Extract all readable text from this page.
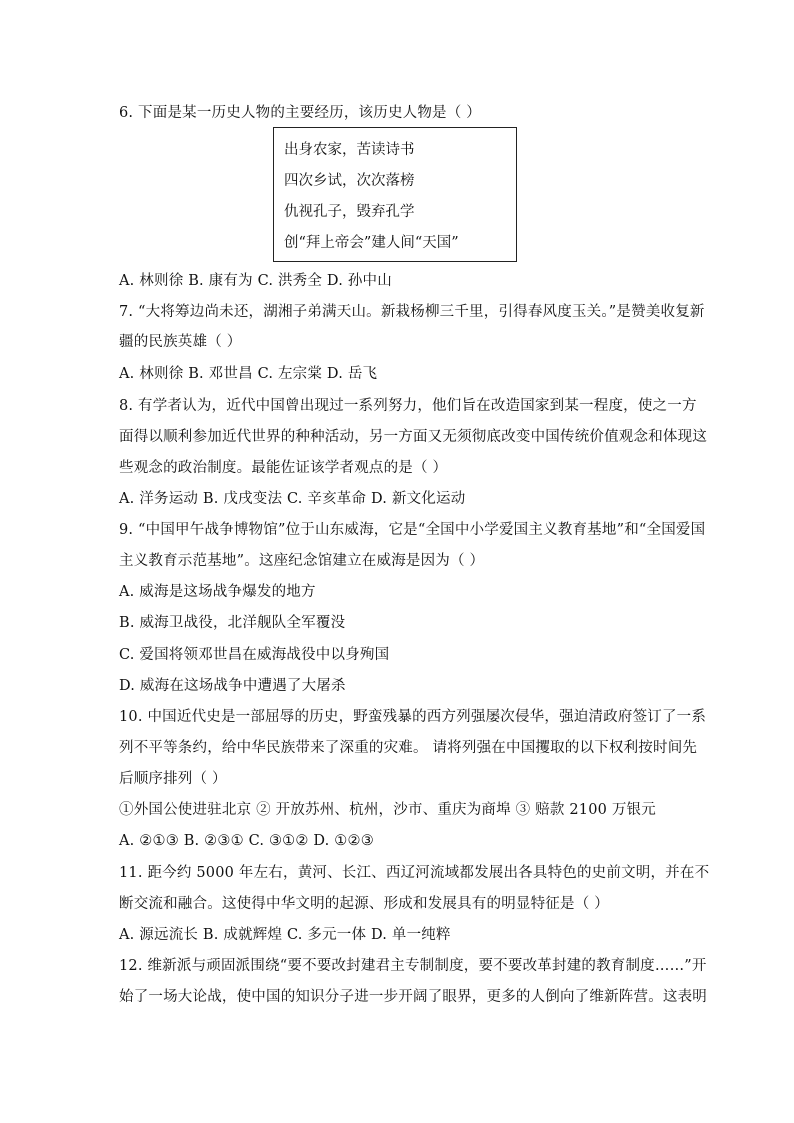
6. 下面是某一历史人物的主要经历，该历史人物是（ ）
出身农家，苦读诗书
四次乡试，次次落榜
仇视孔子，毁弃孔学
创“拜上帝会”建人间“天国”
A. 林则徐 B. 康有为 C. 洪秀全 D. 孙中山
7. “大将筹边尚未还，湖湘子弟满天山。新栽杨柳三千里，引得春风度玉关。”是赞美收复新
疆的民族英雄（ ）
A. 林则徐 B. 邓世昌 C. 左宗棠 D. 岳飞
8. 有学者认为，近代中国曾出现过一系列努力，他们旨在改造国家到某一程度，使之一方
面得以顺利参加近代世界的种种活动，另一方面又无须彻底改变中国传统价值观念和体现这
些观念的政治制度。最能佐证该学者观点的是（ ）
A. 洋务运动 B. 戊戌变法 C. 辛亥革命 D. 新文化运动
9. “中国甲午战争博物馆”位于山东威海，它是“全国中小学爱国主义教育基地”和“全国爱国
主义教育示范基地”。这座纪念馆建立在威海是因为（ ）
A. 威海是这场战争爆发的地方
B. 威海卫战役，北洋舰队全军覆没
C. 爱国将领邓世昌在威海战役中以身殉国
D. 威海在这场战争中遭遇了大屠杀
10. 中国近代史是一部屈辱的历史，野蛮残暴的西方列强屡次侵华，强迫清政府签订了一系
列不平等条约，给中华民族带来了深重的灾难。 请将列强在中国攫取的以下权利按时间先
后顺序排列（ ）
①外国公使进驻北京 ② 开放苏州、杭州，沙市、重庆为商埠 ③ 赔款 2100 万银元
A. ②①③ B. ②③① C. ③①② D. ①②③
11. 距今约 5000 年左右，黄河、长江、西辽河流域都发展出各具特色的史前文明，并在不
断交流和融合。这使得中华文明的起源、形成和发展具有的明显特征是（ ）
A. 源远流长 B. 成就辉煌 C. 多元一体 D. 单一纯粹
12. 维新派与顽固派围绕“要不要改封建君主专制制度，要不要改革封建的教育制度……”开
始了一场大论战，使中国的知识分子进一步开阔了眼界，更多的人倒向了维新阵营。这表明
